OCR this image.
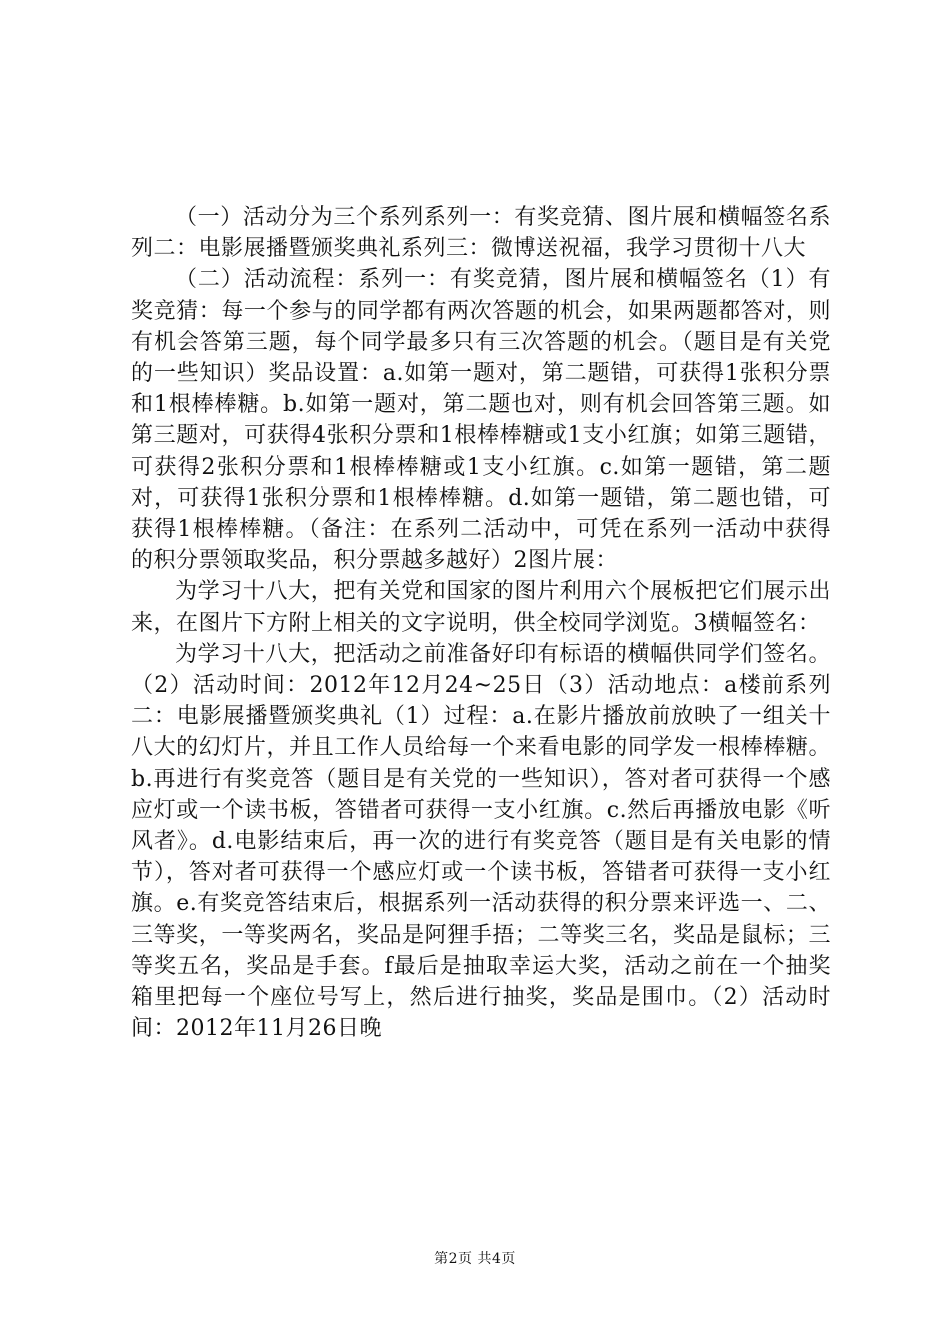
（一）活动分为三个系列系列一：有奖竞猜、图片展和横幅签名系列二：电影展播暨颁奖典礼系列三：微博送祝福，我学习贯彻十八大

（二）活动流程：系列一：有奖竞猜，图片展和横幅签名（1）有奖竞猜：每一个参与的同学都有两次答题的机会，如果两题都答对，则有机会答第三题，每个同学最多只有三次答题的机会。（题目是有关党的一些知识）奖品设置：a.如第一题对，第二题错，可获得1张积分票和1根棒棒糖。b.如第一题对，第二题也对，则有机会回答第三题。如第三题对，可获得4张积分票和1根棒棒糖或1支小红旗；如第三题错，可获得2张积分票和1根棒棒糖或1支小红旗。c.如第一题错，第二题对，可获得1张积分票和1根棒棒糖。d.如第一题错，第二题也错，可获得1根棒棒糖。（备注：在系列二活动中，可凭在系列一活动中获得的积分票领取奖品，积分票越多越好）2图片展：

为学习十八大，把有关党和国家的图片利用六个展板把它们展示出来，在图片下方附上相关的文字说明，供全校同学浏览。3横幅签名：

为学习十八大，把活动之前准备好印有标语的横幅供同学们签名。（2）活动时间：2012年12月24~25日（3）活动地点：a楼前系列二：电影展播暨颁奖典礼（1）过程：a.在影片播放前放映了一组关十八大的幻灯片，并且工作人员给每一个来看电影的同学发一根棒棒糖。b.再进行有奖竞答（题目是有关党的一些知识），答对者可获得一个感应灯或一个读书板，答错者可获得一支小红旗。c.然后再播放电影《听风者》。d.电影结束后，再一次的进行有奖竞答（题目是有关电影的情节），答对者可获得一个感应灯或一个读书板，答错者可获得一支小红旗。e.有奖竞答结束后，根据系列一活动获得的积分票来评选一、二、三等奖，一等奖两名，奖品是阿狸手捂；二等奖三名，奖品是鼠标；三等奖五名，奖品是手套。f最后是抽取幸运大奖，活动之前在一个抽奖箱里把每一个座位号写上，然后进行抽奖，奖品是围巾。（2）活动时间：2012年11月26日晚

第2页 共4页
